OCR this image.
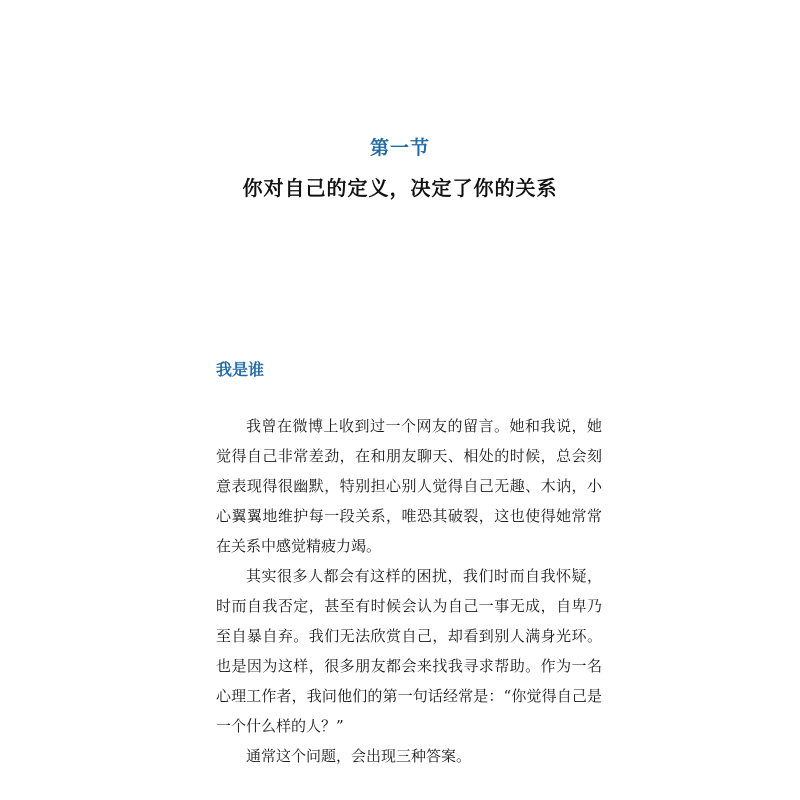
第一节
你对自己的定义，决定了你的关系
我是谁

我曾在微博上收到过一个网友的留言。她和我说，她觉得自己非常差劲，在和朋友聊天、相处的时候，总会刻意表现得很幽默，特别担心别人觉得自己无趣、木讷，小心翼翼地维护每一段关系，唯恐其破裂，这也使得她常常在关系中感觉精疲力竭。

其实很多人都会有这样的困扰，我们时而自我怀疑，时而自我否定，甚至有时候会认为自己一事无成，自卑乃至自暴自弃。我们无法欣赏自己，却看到别人满身光环。也是因为这样，很多朋友都会来找我寻求帮助。作为一名心理工作者，我问他们的第一句话经常是：“你觉得自己是一个什么样的人？”

通常这个问题，会出现三种答案。
